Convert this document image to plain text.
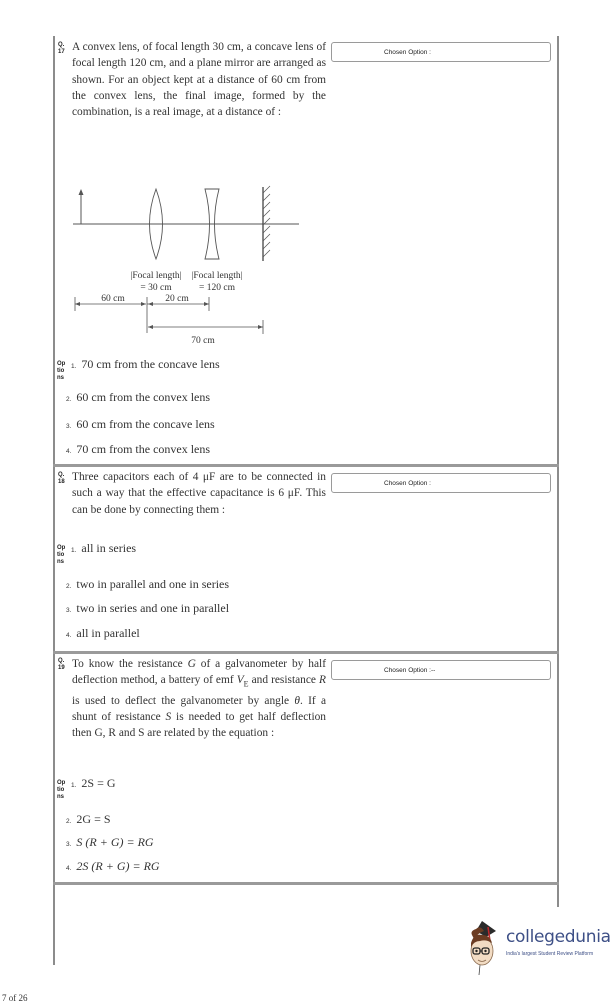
Q.
17 A convex lens, of focal length 30 cm, a concave lens of focal length 120 cm, and a plane mirror are arranged as shown. For an object kept at a distance of 60 cm from the convex lens, the final image, formed by the combination, is a real image, at a distance of :
Chosen Option :
|Focal length|
= 30 cm
|Focal length|
= 120 cm
60 cm	20 cm
70 cm
Op
tio
ns
1. 70 cm from the concave lens
2. 60 cm from the convex lens
3. 60 cm from the concave lens
4. 70 cm from the convex lens
Q.
18 Three capacitors each of 4 μF are to be connected in such a way that the effective capacitance is 6 μF. This can be done by connecting them :
Chosen Option :
Op
tio
ns
1. all in series
2. two in parallel and one in series
3. two in series and one in parallel
4. all in parallel
Q.
19 To know the resistance G of a galvanometer by half deflection method, a battery of emf $V_E$ and resistance R is used to deflect the galvanometer by angle θ. If a shunt of resistance S is needed to get half deflection then G, R and S are related by the equation :
Chosen Option :--
Op
tio
ns
1. 2S = G
2. 2G = S
3. S (R + G) = RG
4. 2S (R + G) = RG
collegedunia
India's largest Student Review Platform
7 of 26
